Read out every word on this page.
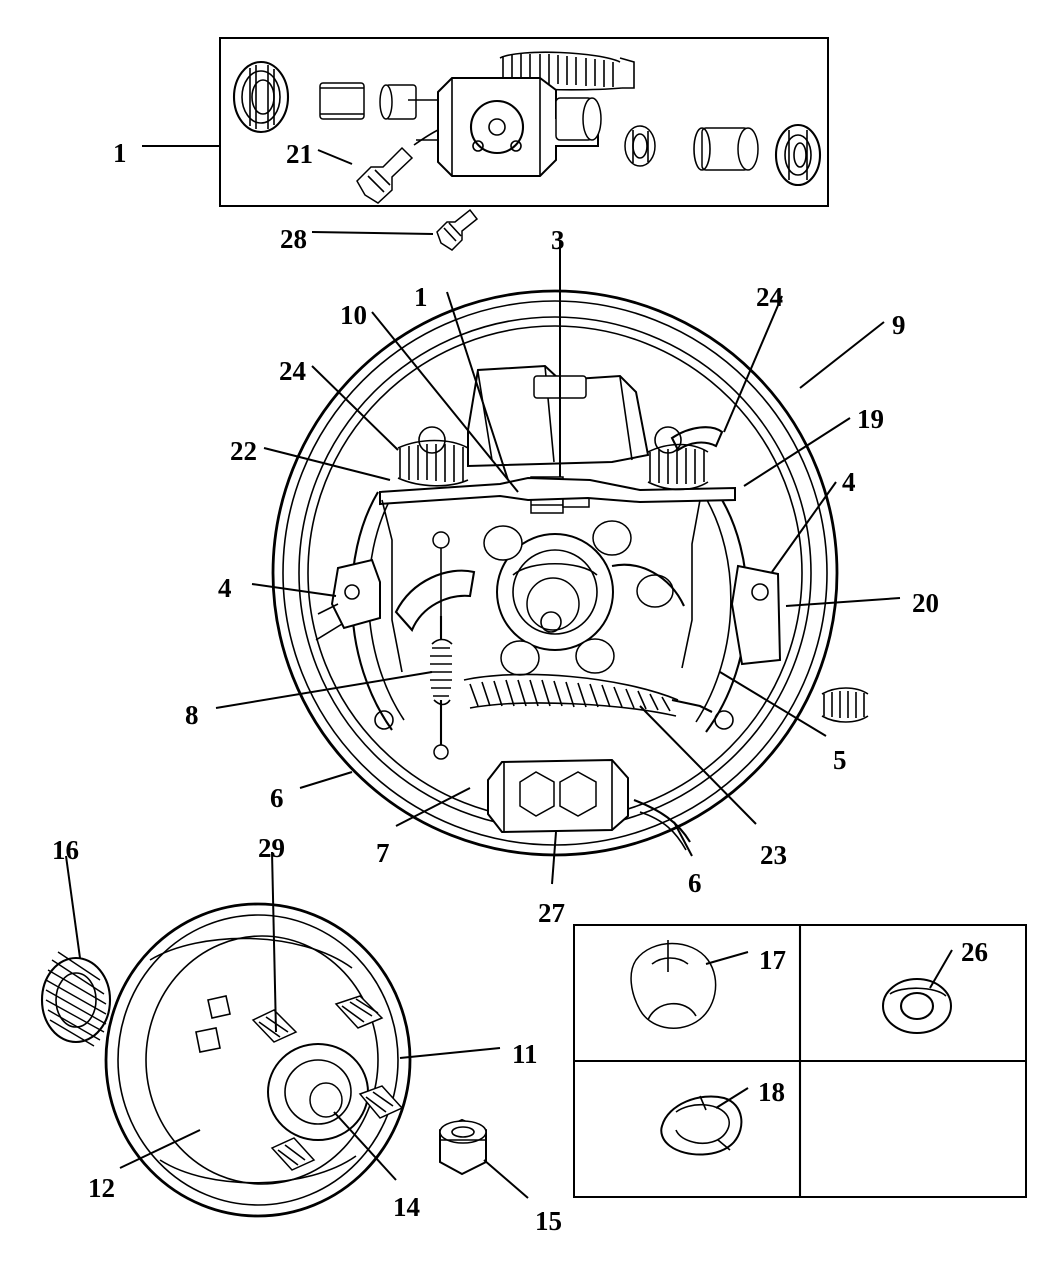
1	21
28	3
1
10
24
9
24
19
22
4
4	20
8
5
6
7	23
6
27
16	29
17	26
11
18
12
14	15
